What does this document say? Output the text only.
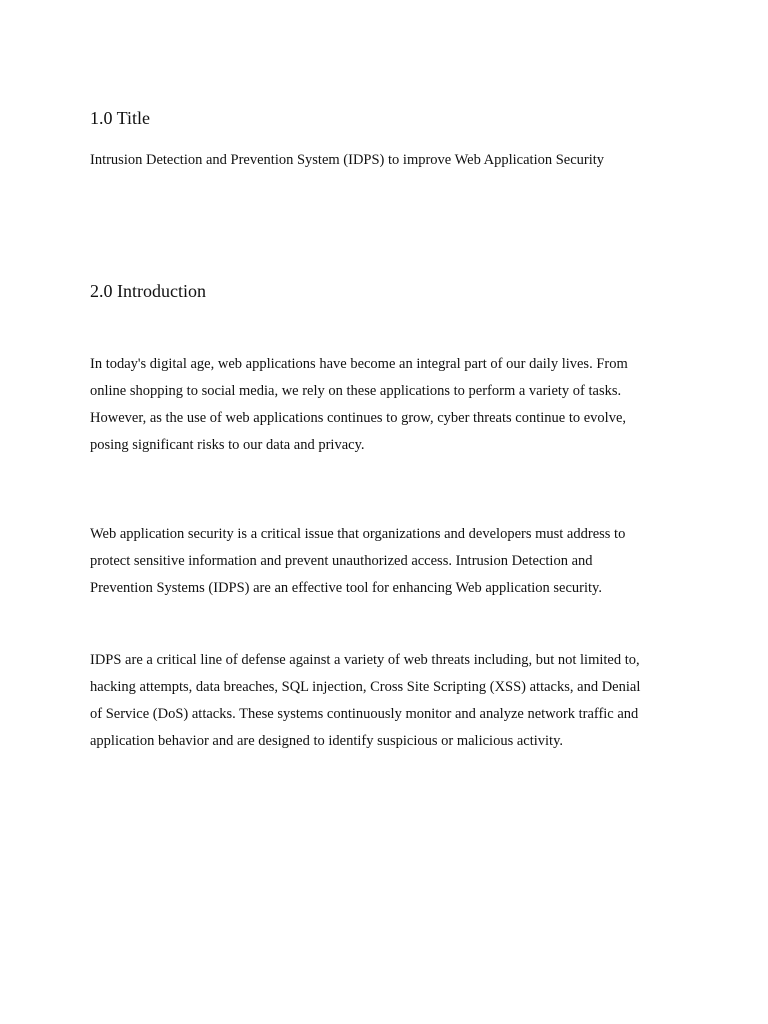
1.0 Title

Intrusion Detection and Prevention System (IDPS) to improve Web Application Security

2.0 Introduction

In today's digital age, web applications have become an integral part of our daily lives. From

online shopping to social media, we rely on these applications to perform a variety of tasks.

However, as the use of web applications continues to grow, cyber threats continue to evolve,

posing significant risks to our data and privacy.

Web application security is a critical issue that organizations and developers must address to

protect sensitive information and prevent unauthorized access. Intrusion Detection and

Prevention Systems (IDPS) are an effective tool for enhancing Web application security.

IDPS are a critical line of defense against a variety of web threats including, but not limited to,

hacking attempts, data breaches, SQL injection, Cross Site Scripting (XSS) attacks, and Denial

of Service (DoS) attacks. These systems continuously monitor and analyze network traffic and

application behavior and are designed to identify suspicious or malicious activity.
